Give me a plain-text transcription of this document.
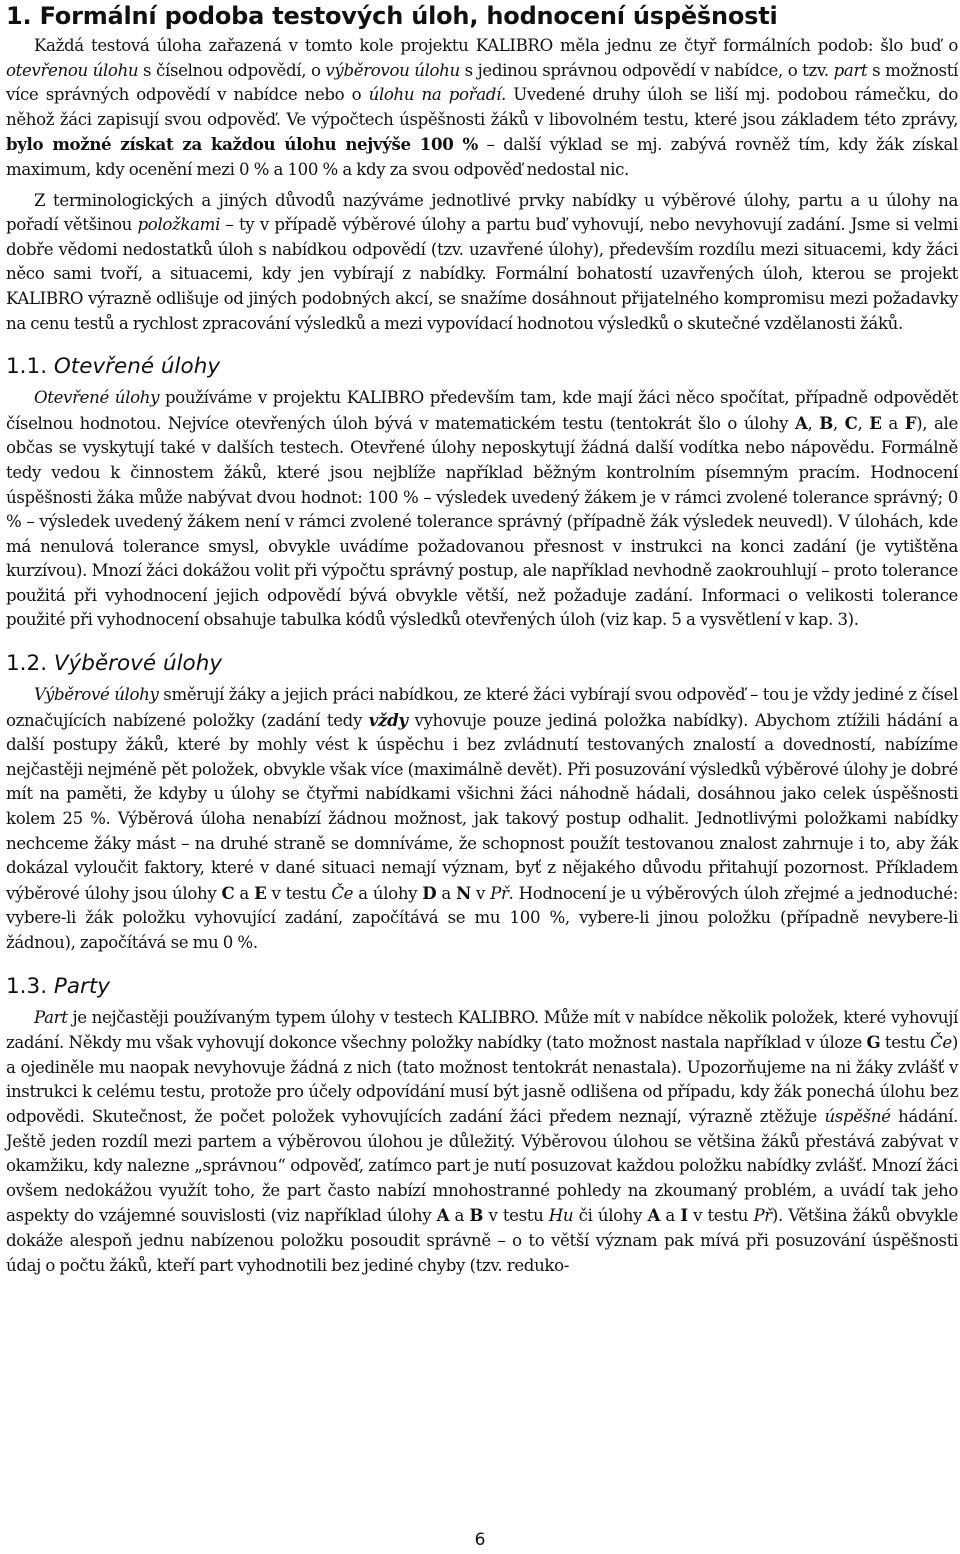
1. Formální podoba testových úloh, hodnocení úspěšnosti

Každá testová úloha zařazená v tomto kole projektu KALIBRO měla jednu ze čtyř formálních podob: šlo buď o otevřenou úlohu s číselnou odpovědí, o výběrovou úlohu s jedinou správnou odpovědí v nabídce, o tzv. part s možností více správných odpovědí v nabídce nebo o úlohu na pořadí. Uvedené druhy úloh se liší mj. podobou rámečku, do něhož žáci zapisují svou odpověď. Ve výpočtech úspěšnosti žáků v libovolném testu, které jsou základem této zprávy, bylo možné získat za každou úlohu nejvýše 100 % – další výklad se mj. zabývá rovněž tím, kdy žák získal maximum, kdy ocenění mezi 0 % a 100 % a kdy za svou odpověď nedostal nic.

Z terminologických a jiných důvodů nazýváme jednotlivé prvky nabídky u výběrové úlohy, partu a u úlohy na pořadí většinou položkami – ty v případě výběrové úlohy a partu buď vyhovují, nebo nevyhovují zadání. Jsme si velmi dobře vědomi nedostatků úloh s nabídkou odpovědí (tzv. uzavřené úlohy), především rozdílu mezi situacemi, kdy žáci něco sami tvoří, a situacemi, kdy jen vybírají z nabídky. Formální bohatostí uzavřených úloh, kterou se projekt KALIBRO výrazně odlišuje od jiných podobných akcí, se snažíme dosáhnout přijatelného kompromisu mezi požadavky na cenu testů a rychlost zpracování výsledků a mezi vypovídací hodnotou výsledků o skutečné vzdělanosti žáků.

1.1. Otevřené úlohy

Otevřené úlohy používáme v projektu KALIBRO především tam, kde mají žáci něco spočítat, případně odpovědět číselnou hodnotou. Nejvíce otevřených úloh bývá v matematickém testu (tentokrát šlo o úlohy A, B, C, E a F), ale občas se vyskytují také v dalších testech. Otevřené úlohy neposkytují žádná další vodítka nebo nápovědu. Formálně tedy vedou k činnostem žáků, které jsou nejblíže například běžným kontrolním písemným pracím. Hodnocení úspěšnosti žáka může nabývat dvou hodnot: 100 % – výsledek uvedený žákem je v rámci zvolené tolerance správný; 0 % – výsledek uvedený žákem není v rámci zvolené tolerance správný (případně žák výsledek neuvedl). V úlohách, kde má nenulová tolerance smysl, obvykle uvádíme požadovanou přesnost v instrukci na konci zadání (je vytištěna kurzívou). Mnozí žáci dokážou volit při výpočtu správný postup, ale například nevhodně zaokrouhlují – proto tolerance použitá při vyhodnocení jejich odpovědí bývá obvykle větší, než požaduje zadání. Informaci o velikosti tolerance použité při vyhodnocení obsahuje tabulka kódů výsledků otevřených úloh (viz kap. 5 a vysvětlení v kap. 3).

1.2. Výběrové úlohy

Výběrové úlohy směrují žáky a jejich práci nabídkou, ze které žáci vybírají svou odpověď – tou je vždy jediné z čísel označujících nabízené položky (zadání tedy vždy vyhovuje pouze jediná položka nabídky). Abychom ztížili hádání a další postupy žáků, které by mohly vést k úspěchu i bez zvládnutí testovaných znalostí a dovedností, nabízíme nejčastěji nejméně pět položek, obvykle však více (maximálně devět). Při posuzování výsledků výběrové úlohy je dobré mít na paměti, že kdyby u úlohy se čtyřmi nabídkami všichni žáci náhodně hádali, dosáhnou jako celek úspěšnosti kolem 25 %. Výběrová úloha nenabízí žádnou možnost, jak takový postup odhalit. Jednotlivými položkami nabídky nechceme žáky mást – na druhé straně se domníváme, že schopnost použít testovanou znalost zahrnuje i to, aby žák dokázal vyloučit faktory, které v dané situaci nemají význam, byť z nějakého důvodu přitahují pozornost. Příkladem výběrové úlohy jsou úlohy C a E v testu Če a úlohy D a N v Př. Hodnocení je u výběrových úloh zřejmé a jednoduché: vybere-li žák položku vyhovující zadání, započítává se mu 100 %, vybere-li jinou položku (případně nevybere-li žádnou), započítává se mu 0 %.

1.3. Party

Part je nejčastěji používaným typem úlohy v testech KALIBRO. Může mít v nabídce několik položek, které vyhovují zadání. Někdy mu však vyhovují dokonce všechny položky nabídky (tato možnost nastala například v úloze G testu Če) a ojediněle mu naopak nevyhovuje žádná z nich (tato možnost tentokrát nenastala). Upozorňujeme na ni žáky zvlášť v instrukci k celému testu, protože pro účely odpovídání musí být jasně odlišena od případu, kdy žák ponechá úlohu bez odpovědi. Skutečnost, že počet položek vyhovujících zadání žáci předem neznají, výrazně ztěžuje úspěšné hádání. Ještě jeden rozdíl mezi partem a výběrovou úlohou je důležitý. Výběrovou úlohou se většina žáků přestává zabývat v okamžiku, kdy nalezne „správnou“ odpověď, zatímco part je nutí posuzovat každou položku nabídky zvlášť. Mnozí žáci ovšem nedokážou využít toho, že part často nabízí mnohostranné pohledy na zkoumaný problém, a uvádí tak jeho aspekty do vzájemné souvislosti (viz například úlohy A a B v testu Hu či úlohy A a I v testu Př). Většina žáků obvykle dokáže alespoň jednu nabízenou položku posoudit správně – o to větší význam pak mívá při posuzování úspěšnosti údaj o počtu žáků, kteří part vyhodnotili bez jediné chyby (tzv. reduko-

6
